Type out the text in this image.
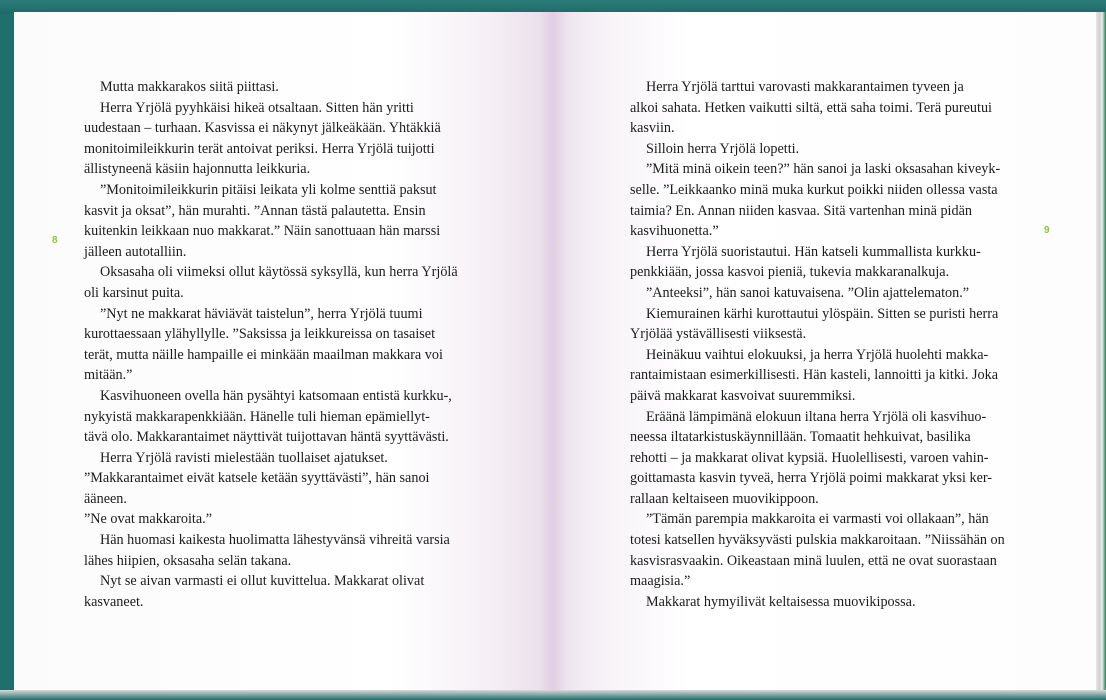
8
Mutta makkarakos siitä piittasi.
Herra Yrjölä pyyhkäisi hikeä otsaltaan. Sitten hän yritti
uudestaan – turhaan. Kasvissa ei näkynyt jälkeäkään. Yhtäkkiä
monitoimileikkurin terät antoivat periksi. Herra Yrjölä tuijotti
ällistyneenä käsiin hajonnutta leikkuria.
”Monitoimileikkurin pitäisi leikata yli kolme senttiä paksut
kasvit ja oksat”, hän murahti. ”Annan tästä palautetta. Ensin
kuitenkin leikkaan nuo makkarat.” Näin sanottuaan hän marssi
jälleen autotalliin.
Oksasaha oli viimeksi ollut käytössä syksyllä, kun herra Yrjölä
oli karsinut puita.
”Nyt ne makkarat häviävät taistelun”, herra Yrjölä tuumi
kurottaessaan ylähyllylle. ”Saksissa ja leikkureissa on tasaiset
terät, mutta näille hampaille ei minkään maailman makkara voi
mitään.”
Kasvihuoneen ovella hän pysähtyi katsomaan entistä kurkku-,
nykyistä makkarapenkkiään. Hänelle tuli hieman epämiellyt-
tävä olo. Makkarantaimet näyttivät tuijottavan häntä syyttävästi.
Herra Yrjölä ravisti mielestään tuollaiset ajatukset.
”Makkarantaimet eivät katsele ketään syyttävästi”, hän sanoi
ääneen.
”Ne ovat makkaroita.”
Hän huomasi kaikesta huolimatta lähestyvänsä vihreitä varsia
lähes hiipien, oksasaha selän takana.
Nyt se aivan varmasti ei ollut kuvittelua. Makkarat olivat
kasvaneet.
9
Herra Yrjölä tarttui varovasti makkarantaimen tyveen ja
alkoi sahata. Hetken vaikutti siltä, että saha toimi. Terä pureutui
kasviin.
Silloin herra Yrjölä lopetti.
”Mitä minä oikein teen?” hän sanoi ja laski oksasahan kiveyk-
selle. ”Leikkaanko minä muka kurkut poikki niiden ollessa vasta
taimia? En. Annan niiden kasvaa. Sitä vartenhan minä pidän
kasvihuonetta.”
Herra Yrjölä suoristautui. Hän katseli kummallista kurkku-
penkkiään, jossa kasvoi pieniä, tukevia makkaranalkuja.
”Anteeksi”, hän sanoi katuvaisena. ”Olin ajattelematon.”
Kiemurainen kärhi kurottautui ylöspäin. Sitten se puristi herra
Yrjölää ystävällisesti viiksestä.
Heinäkuu vaihtui elokuuksi, ja herra Yrjölä huolehti makka-
rantaimistaan esimerkillisesti. Hän kasteli, lannoitti ja kitki. Joka
päivä makkarat kasvoivat suuremmiksi.
Eräänä lämpimänä elokuun iltana herra Yrjölä oli kasvihuo-
neessa iltatarkistuskäynnillään. Tomaatit hehkuivat, basilika
rehotti – ja makkarat olivat kypsiä. Huolellisesti, varoen vahin-
goittamasta kasvin tyveä, herra Yrjölä poimi makkarat yksi ker-
rallaan keltaiseen muovikippoon.
”Tämän parempia makkaroita ei varmasti voi ollakaan”, hän
totesi katsellen hyväksyvästi pulskia makkaroitaan. ”Niissähän on
kasvisrasvaakin. Oikeastaan minä luulen, että ne ovat suorastaan
maagisia.”
Makkarat hymyilivät keltaisessa muovikipossa.
